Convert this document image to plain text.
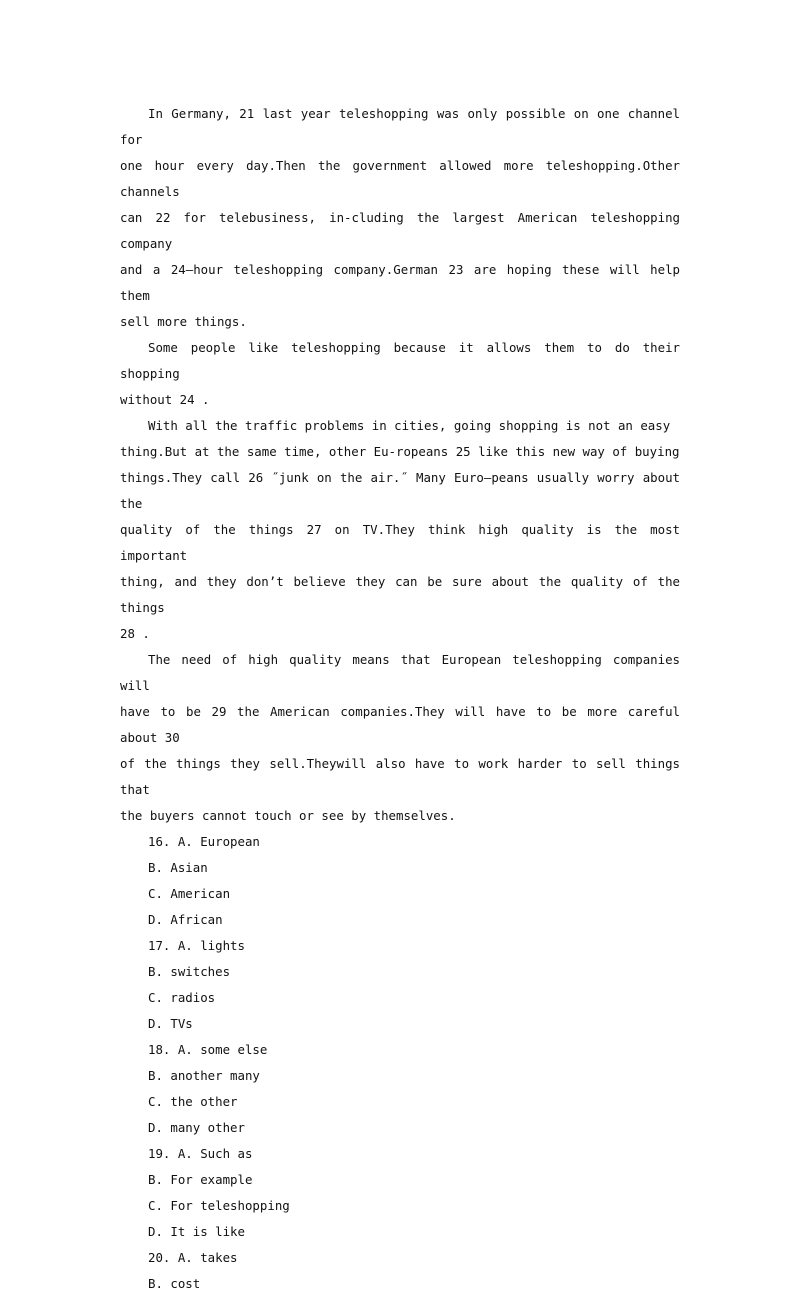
In Germany, 21 last year teleshopping was only possible on one channel for
one hour every day.Then the government allowed more teleshopping.Other channels
can 22 for telebusiness, in-cluding the largest American teleshopping company
and a 24—hour teleshopping company.German 23 are hoping these will help them
sell more things.

Some people like teleshopping because it allows them to do their shopping
without 24 .

With all the traffic problems in cities, going shopping is not an easy
thing.But at the same time, other Eu-ropeans 25 like this new way of buying
things.They call 26 ˝junk on the air.˝ Many Euro—peans usually worry about the
quality of the things 27 on TV.They think high quality is the most important
thing, and they don’t believe they can be sure about the quality of the things
28 .

The need of high quality means that European teleshopping companies will
have to be 29 the American companies.They will have to be more careful about 30
of the things they sell.Theywill also have to work harder to sell things that
the buyers cannot touch or see by themselves.

16. A. European

B. Asian

C. American

D. African

17. A. lights

B. switches

C. radios

D. TVs

18. A. some else

B. another many

C. the other

D. many other

19. A. Such as

B. For example

C. For teleshopping

D. It is like

20. A. takes

B. cost
